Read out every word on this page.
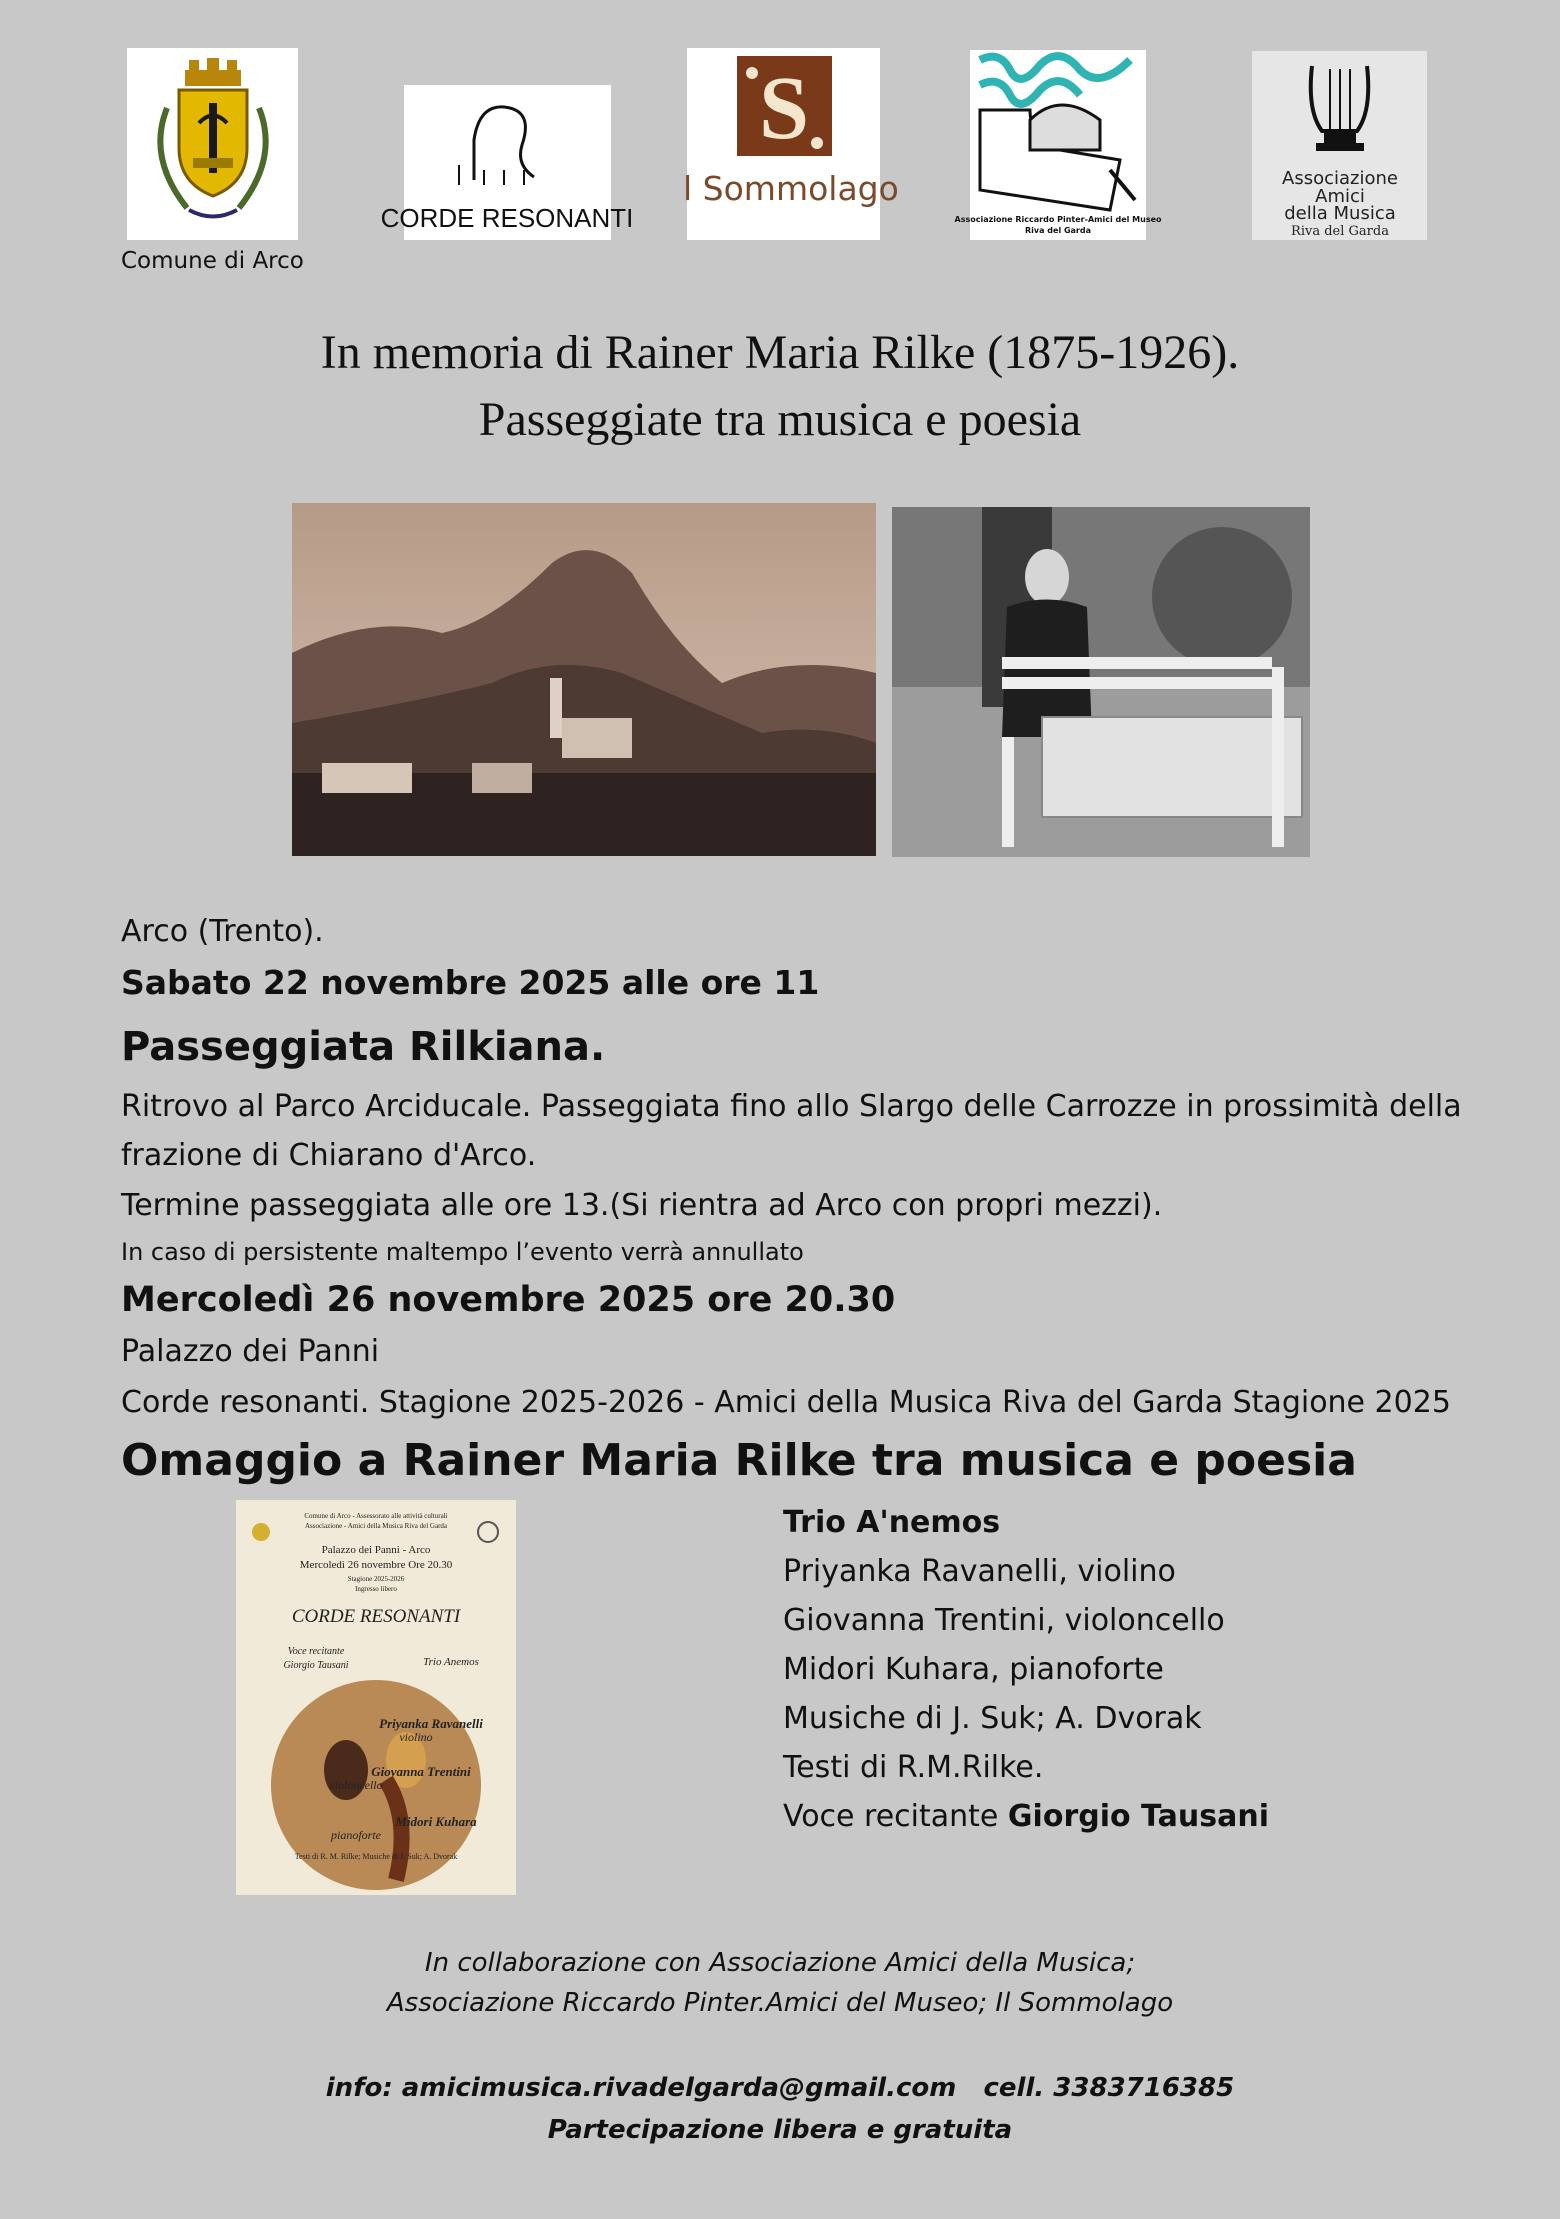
Comune di Arco
CORDE RESONANTI
S
l Sommolago
Associazione Riccardo Pinter-Amici del Museo
Riva del Garda
Associazione
Amici
della Musica
Riva del Garda
In memoria di Rainer Maria Rilke (1875-1926).
Passeggiate tra musica e poesia
Arco (Trento).
Sabato 22 novembre 2025 alle ore 11
Passeggiata Rilkiana.
Ritrovo al Parco Arciducale. Passeggiata fino allo Slargo delle Carrozze in prossimità della
frazione di Chiarano d'Arco.
Termine passeggiata alle ore 13.(Si rientra ad Arco con propri mezzi).
In caso di persistente maltempo l’evento verrà annullato
Mercoledì 26 novembre 2025 ore 20.30
Palazzo dei Panni
Corde resonanti. Stagione 2025-2026 - Amici della Musica Riva del Garda Stagione 2025
Omaggio a Rainer Maria Rilke tra musica e poesia
Comune di Arco - Assessorato alle attività culturali
Associazione - Amici della Musica Riva del Garda
Palazzo dei Panni - Arco
Mercoledì 26 novembre Ore 20.30
Stagione 2025-2026
Ingresso libero
CORDE RESONANTI
Voce recitante
Giorgio Tausani	Trio Anemos
Priyanka Ravanelli
violino
Giovanna Trentini
violoncello
Midori Kuhara
pianoforte
Testi di R. M. Rilke; Musiche di J. Suk; A. Dvorak
Trio A'nemos
Priyanka Ravanelli, violino
Giovanna Trentini, violoncello
Midori Kuhara, pianoforte
Musiche di J. Suk; A. Dvorak
Testi di R.M.Rilke.
Voce recitante Giorgio Tausani
In collaborazione con Associazione Amici della Musica;
Associazione Riccardo Pinter.Amici del Museo; Il Sommolago
info: amicimusica.rivadelgarda@gmail.com   cell. 3383716385
Partecipazione libera e gratuita
